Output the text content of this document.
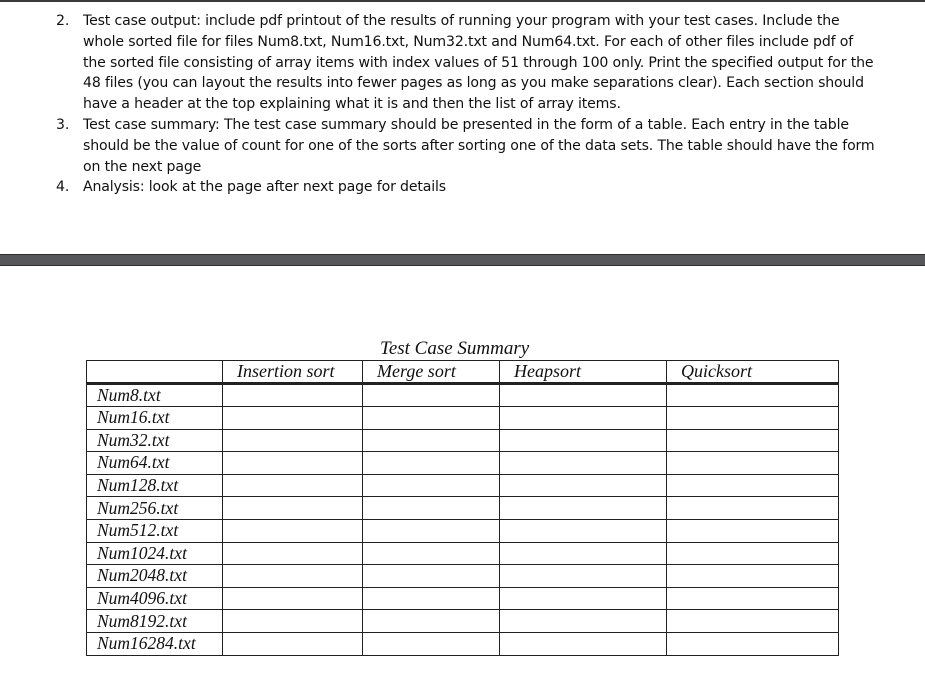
2. Test case output: include pdf printout of the results of running your program with your test cases. Include the
whole sorted file for files Num8.txt, Num16.txt, Num32.txt and Num64.txt. For each of other files include pdf of
the sorted file consisting of array items with index values of 51 through 100 only. Print the specified output for the
48 files (you can layout the results into fewer pages as long as you make separations clear). Each section should
have a header at the top explaining what it is and then the list of array items.
3. Test case summary: The test case summary should be presented in the form of a table. Each entry in the table
should be the value of count for one of the sorts after sorting one of the data sets. The table should have the form
on the next page
4. Analysis: look at the page after next page for details
Test Case Summary
	Insertion sort	Merge sort	Heapsort	Quicksort
Num8.txt				
Num16.txt				
Num32.txt				
Num64.txt				
Num128.txt				
Num256.txt				
Num512.txt				
Num1024.txt				
Num2048.txt				
Num4096.txt				
Num8192.txt				
Num16284.txt				
